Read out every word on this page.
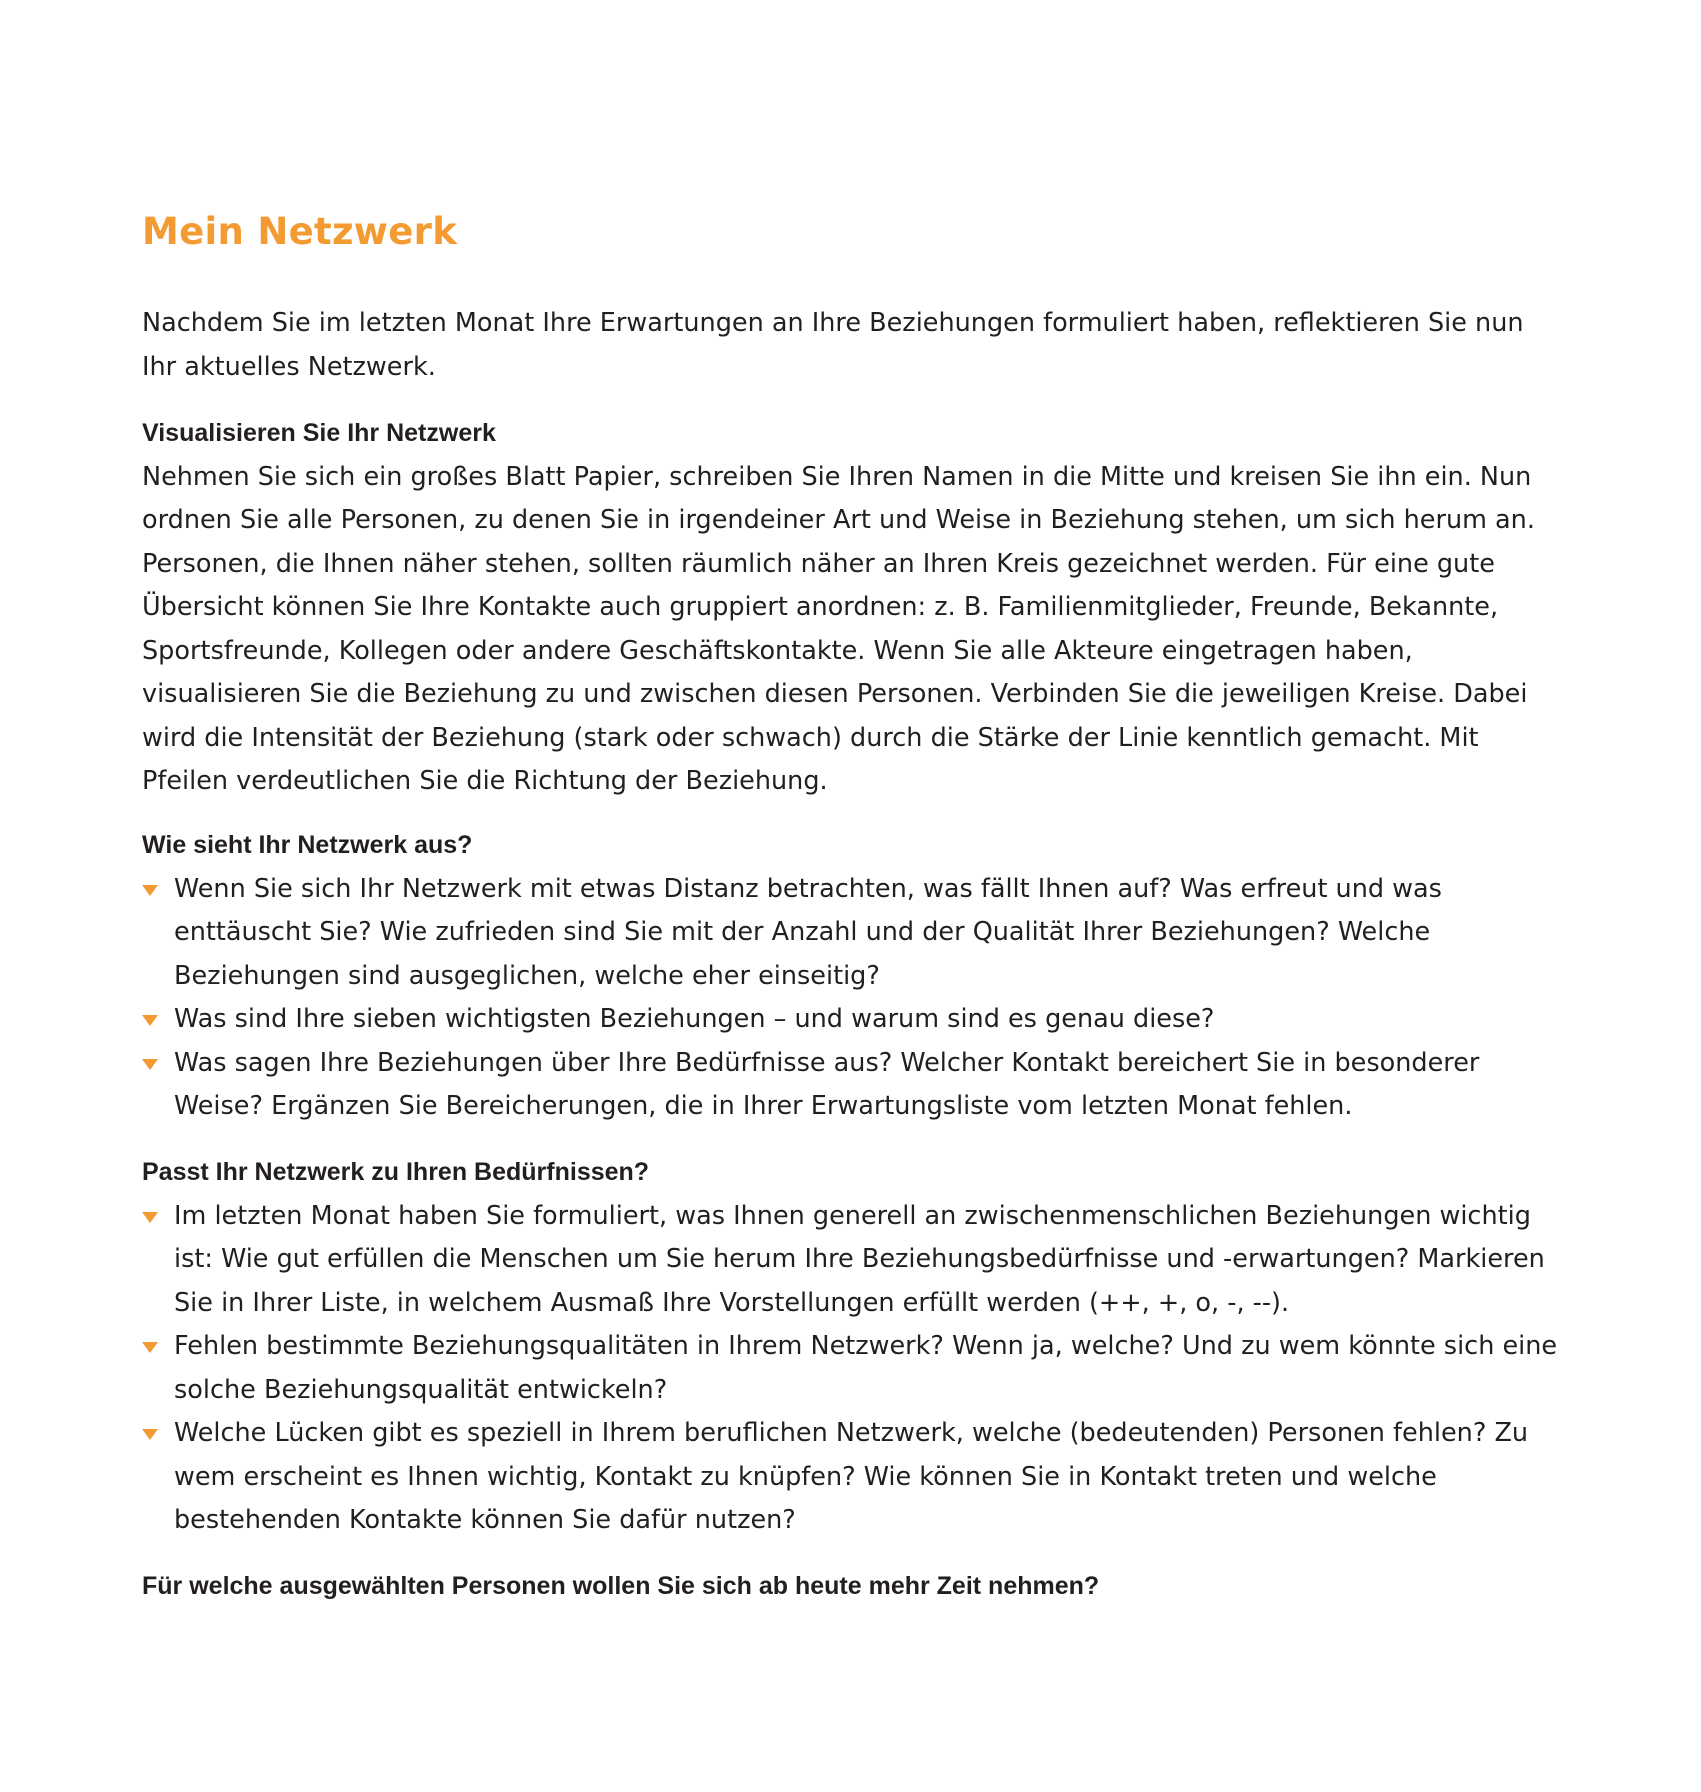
Mein Netzwerk

Nachdem Sie im letzten Monat Ihre Erwartungen an Ihre Beziehungen formuliert haben, reflektieren Sie nun Ihr aktuelles Netzwerk.

Visualisieren Sie Ihr Netzwerk

Nehmen Sie sich ein großes Blatt Papier, schreiben Sie Ihren Namen in die Mitte und kreisen Sie ihn ein. Nun ordnen Sie alle Personen, zu denen Sie in irgendeiner Art und Weise in Beziehung stehen, um sich herum an. Personen, die Ihnen näher stehen, sollten räumlich näher an Ihren Kreis gezeichnet werden. Für eine gute Übersicht können Sie Ihre Kontakte auch gruppiert anordnen: z. B. Familienmitglieder, Freunde, Bekannte, Sportsfreunde, Kollegen oder andere Geschäftskontakte. Wenn Sie alle Akteure eingetragen haben, visualisieren Sie die Beziehung zu und zwischen diesen Personen. Verbinden Sie die jeweiligen Kreise. Dabei wird die Intensität der Beziehung (stark oder schwach) durch die Stärke der Linie kenntlich gemacht. Mit Pfeilen verdeutlichen Sie die Richtung der Beziehung.

Wie sieht Ihr Netzwerk aus?

Wenn Sie sich Ihr Netzwerk mit etwas Distanz betrachten, was fällt Ihnen auf? Was erfreut und was enttäuscht Sie? Wie zufrieden sind Sie mit der Anzahl und der Qualität Ihrer Beziehungen? Welche Beziehungen sind ausgeglichen, welche eher einseitig?
Was sind Ihre sieben wichtigsten Beziehungen – und warum sind es genau diese?
Was sagen Ihre Beziehungen über Ihre Bedürfnisse aus? Welcher Kontakt bereichert Sie in besonderer Weise? Ergänzen Sie Bereicherungen, die in Ihrer Erwartungsliste vom letzten Monat fehlen.

Passt Ihr Netzwerk zu Ihren Bedürfnissen?

Im letzten Monat haben Sie formuliert, was Ihnen generell an zwischenmenschlichen Beziehungen wichtig ist: Wie gut erfüllen die Menschen um Sie herum Ihre Beziehungsbedürfnisse und -erwartungen? Markieren Sie in Ihrer Liste, in welchem Ausmaß Ihre Vorstellungen erfüllt werden (++, +, o, -, --).
Fehlen bestimmte Beziehungsqualitäten in Ihrem Netzwerk? Wenn ja, welche? Und zu wem könnte sich eine solche Beziehungsqualität entwickeln?
Welche Lücken gibt es speziell in Ihrem beruflichen Netzwerk, welche (bedeutenden) Personen fehlen? Zu wem erscheint es Ihnen wichtig, Kontakt zu knüpfen? Wie können Sie in Kontakt treten und welche bestehenden Kontakte können Sie dafür nutzen?

Für welche ausgewählten Personen wollen Sie sich ab heute mehr Zeit nehmen?
